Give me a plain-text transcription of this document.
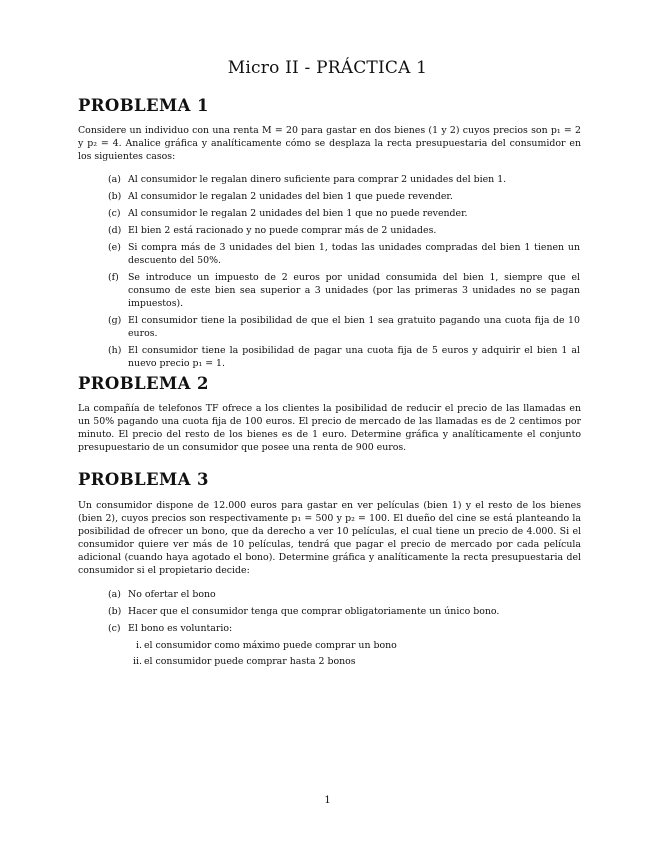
Micro II - PRÁCTICA 1
PROBLEMA 1
Considere un individuo con una renta M = 20 para gastar en dos bienes (1 y 2) cuyos precios son p₁ = 2 y p₂ = 4. Analice gráfica y analíticamente cómo se desplaza la recta presupuestaria del consumidor en los siguientes casos:
(a) Al consumidor le regalan dinero suficiente para comprar 2 unidades del bien 1.
(b) Al consumidor le regalan 2 unidades del bien 1 que puede revender.
(c) Al consumidor le regalan 2 unidades del bien 1 que no puede revender.
(d) El bien 2 está racionado y no puede comprar más de 2 unidades.
(e) Si compra más de 3 unidades del bien 1, todas las unidades compradas del bien 1 tienen un descuento del 50%.
(f) Se introduce un impuesto de 2 euros por unidad consumida del bien 1, siempre que el consumo de este bien sea superior a 3 unidades (por las primeras 3 unidades no se pagan impuestos).
(g) El consumidor tiene la posibilidad de que el bien 1 sea gratuito pagando una cuota fija de 10 euros.
(h) El consumidor tiene la posibilidad de pagar una cuota fija de 5 euros y adquirir el bien 1 al nuevo precio p₁ = 1.
PROBLEMA 2
La compañía de telefonos TF ofrece a los clientes la posibilidad de reducir el precio de las llamadas en un 50% pagando una cuota fija de 100 euros. El precio de mercado de las llamadas es de 2 centimos por minuto. El precio del resto de los bienes es de 1 euro. Determine gráfica y analíticamente el conjunto presupuestario de un consumidor que posee una renta de 900 euros.
PROBLEMA 3
Un consumidor dispone de 12.000 euros para gastar en ver películas (bien 1) y el resto de los bienes (bien 2), cuyos precios son respectivamente p₁ = 500 y p₂ = 100. El dueño del cine se está planteando la posibilidad de ofrecer un bono, que da derecho a ver 10 películas, el cual tiene un precio de 4.000. Si el consumidor quiere ver más de 10 películas, tendrá que pagar el precio de mercado por cada película adicional (cuando haya agotado el bono). Determine gráfica y analíticamente la recta presupuestaria del consumidor si el propietario decide:
(a) No ofertar el bono
(b) Hacer que el consumidor tenga que comprar obligatoriamente un único bono.
(c) El bono es voluntario:
i. el consumidor como máximo puede comprar un bono
ii. el consumidor puede comprar hasta 2 bonos
1
